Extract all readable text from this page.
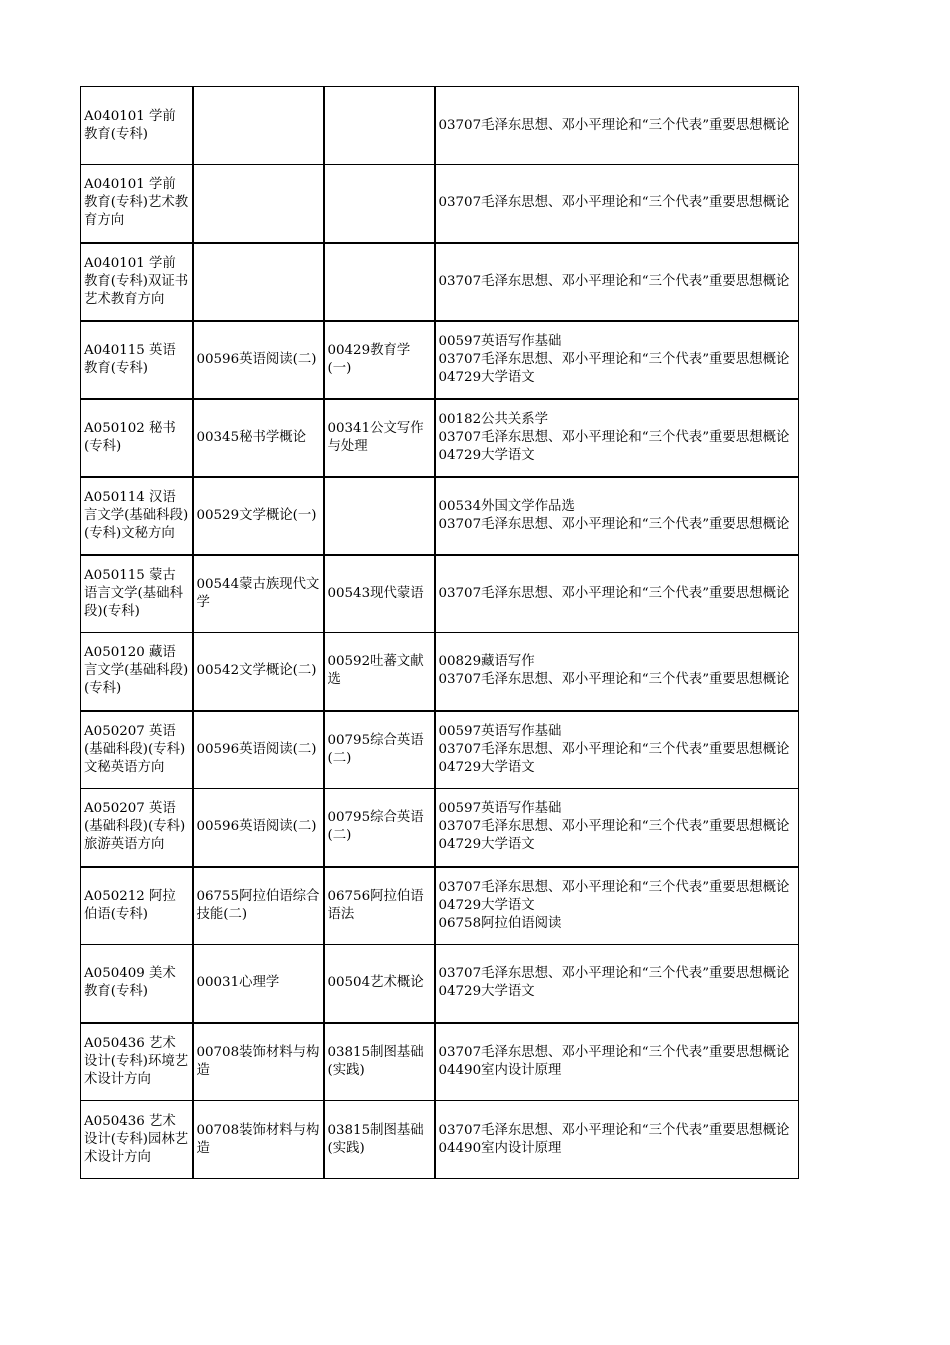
A040101 学前教育(专科)			03707毛泽东思想、邓小平理论和“三个代表”重要思想概论

A040101 学前教育(专科)艺术教育方向			03707毛泽东思想、邓小平理论和“三个代表”重要思想概论

A040101 学前教育(专科)双证书艺术教育方向			03707毛泽东思想、邓小平理论和“三个代表”重要思想概论

A040115 英语教育(专科)	00596英语阅读(二)	00429教育学(一)	00597英语写作基础
03707毛泽东思想、邓小平理论和“三个代表”重要思想概论
04729大学语文

A050102 秘书(专科)	00345秘书学概论	00341公文写作与处理	00182公共关系学
03707毛泽东思想、邓小平理论和“三个代表”重要思想概论
04729大学语文

A050114 汉语言文学(基础科段)(专科)文秘方向	00529文学概论(一)		00534外国文学作品选
03707毛泽东思想、邓小平理论和“三个代表”重要思想概论

A050115 蒙古语言文学(基础科段)(专科)	00544蒙古族现代文学	00543现代蒙语	03707毛泽东思想、邓小平理论和“三个代表”重要思想概论

A050120 藏语言文学(基础科段)(专科)	00542文学概论(二)	00592吐蕃文献选	00829藏语写作
03707毛泽东思想、邓小平理论和“三个代表”重要思想概论

A050207 英语(基础科段)(专科)文秘英语方向	00596英语阅读(二)	00795综合英语(二)	00597英语写作基础
03707毛泽东思想、邓小平理论和“三个代表”重要思想概论
04729大学语文

A050207 英语(基础科段)(专科)旅游英语方向	00596英语阅读(二)	00795综合英语(二)	00597英语写作基础
03707毛泽东思想、邓小平理论和“三个代表”重要思想概论
04729大学语文

A050212 阿拉伯语(专科)	06755阿拉伯语综合技能(二)	06756阿拉伯语语法	03707毛泽东思想、邓小平理论和“三个代表”重要思想概论
04729大学语文
06758阿拉伯语阅读

A050409 美术教育(专科)	00031心理学	00504艺术概论	03707毛泽东思想、邓小平理论和“三个代表”重要思想概论
04729大学语文

A050436 艺术设计(专科)环境艺术设计方向	00708装饰材料与构造	03815制图基础(实践)	03707毛泽东思想、邓小平理论和“三个代表”重要思想概论
04490室内设计原理

A050436 艺术设计(专科)园林艺术设计方向	00708装饰材料与构造	03815制图基础(实践)	03707毛泽东思想、邓小平理论和“三个代表”重要思想概论
04490室内设计原理
